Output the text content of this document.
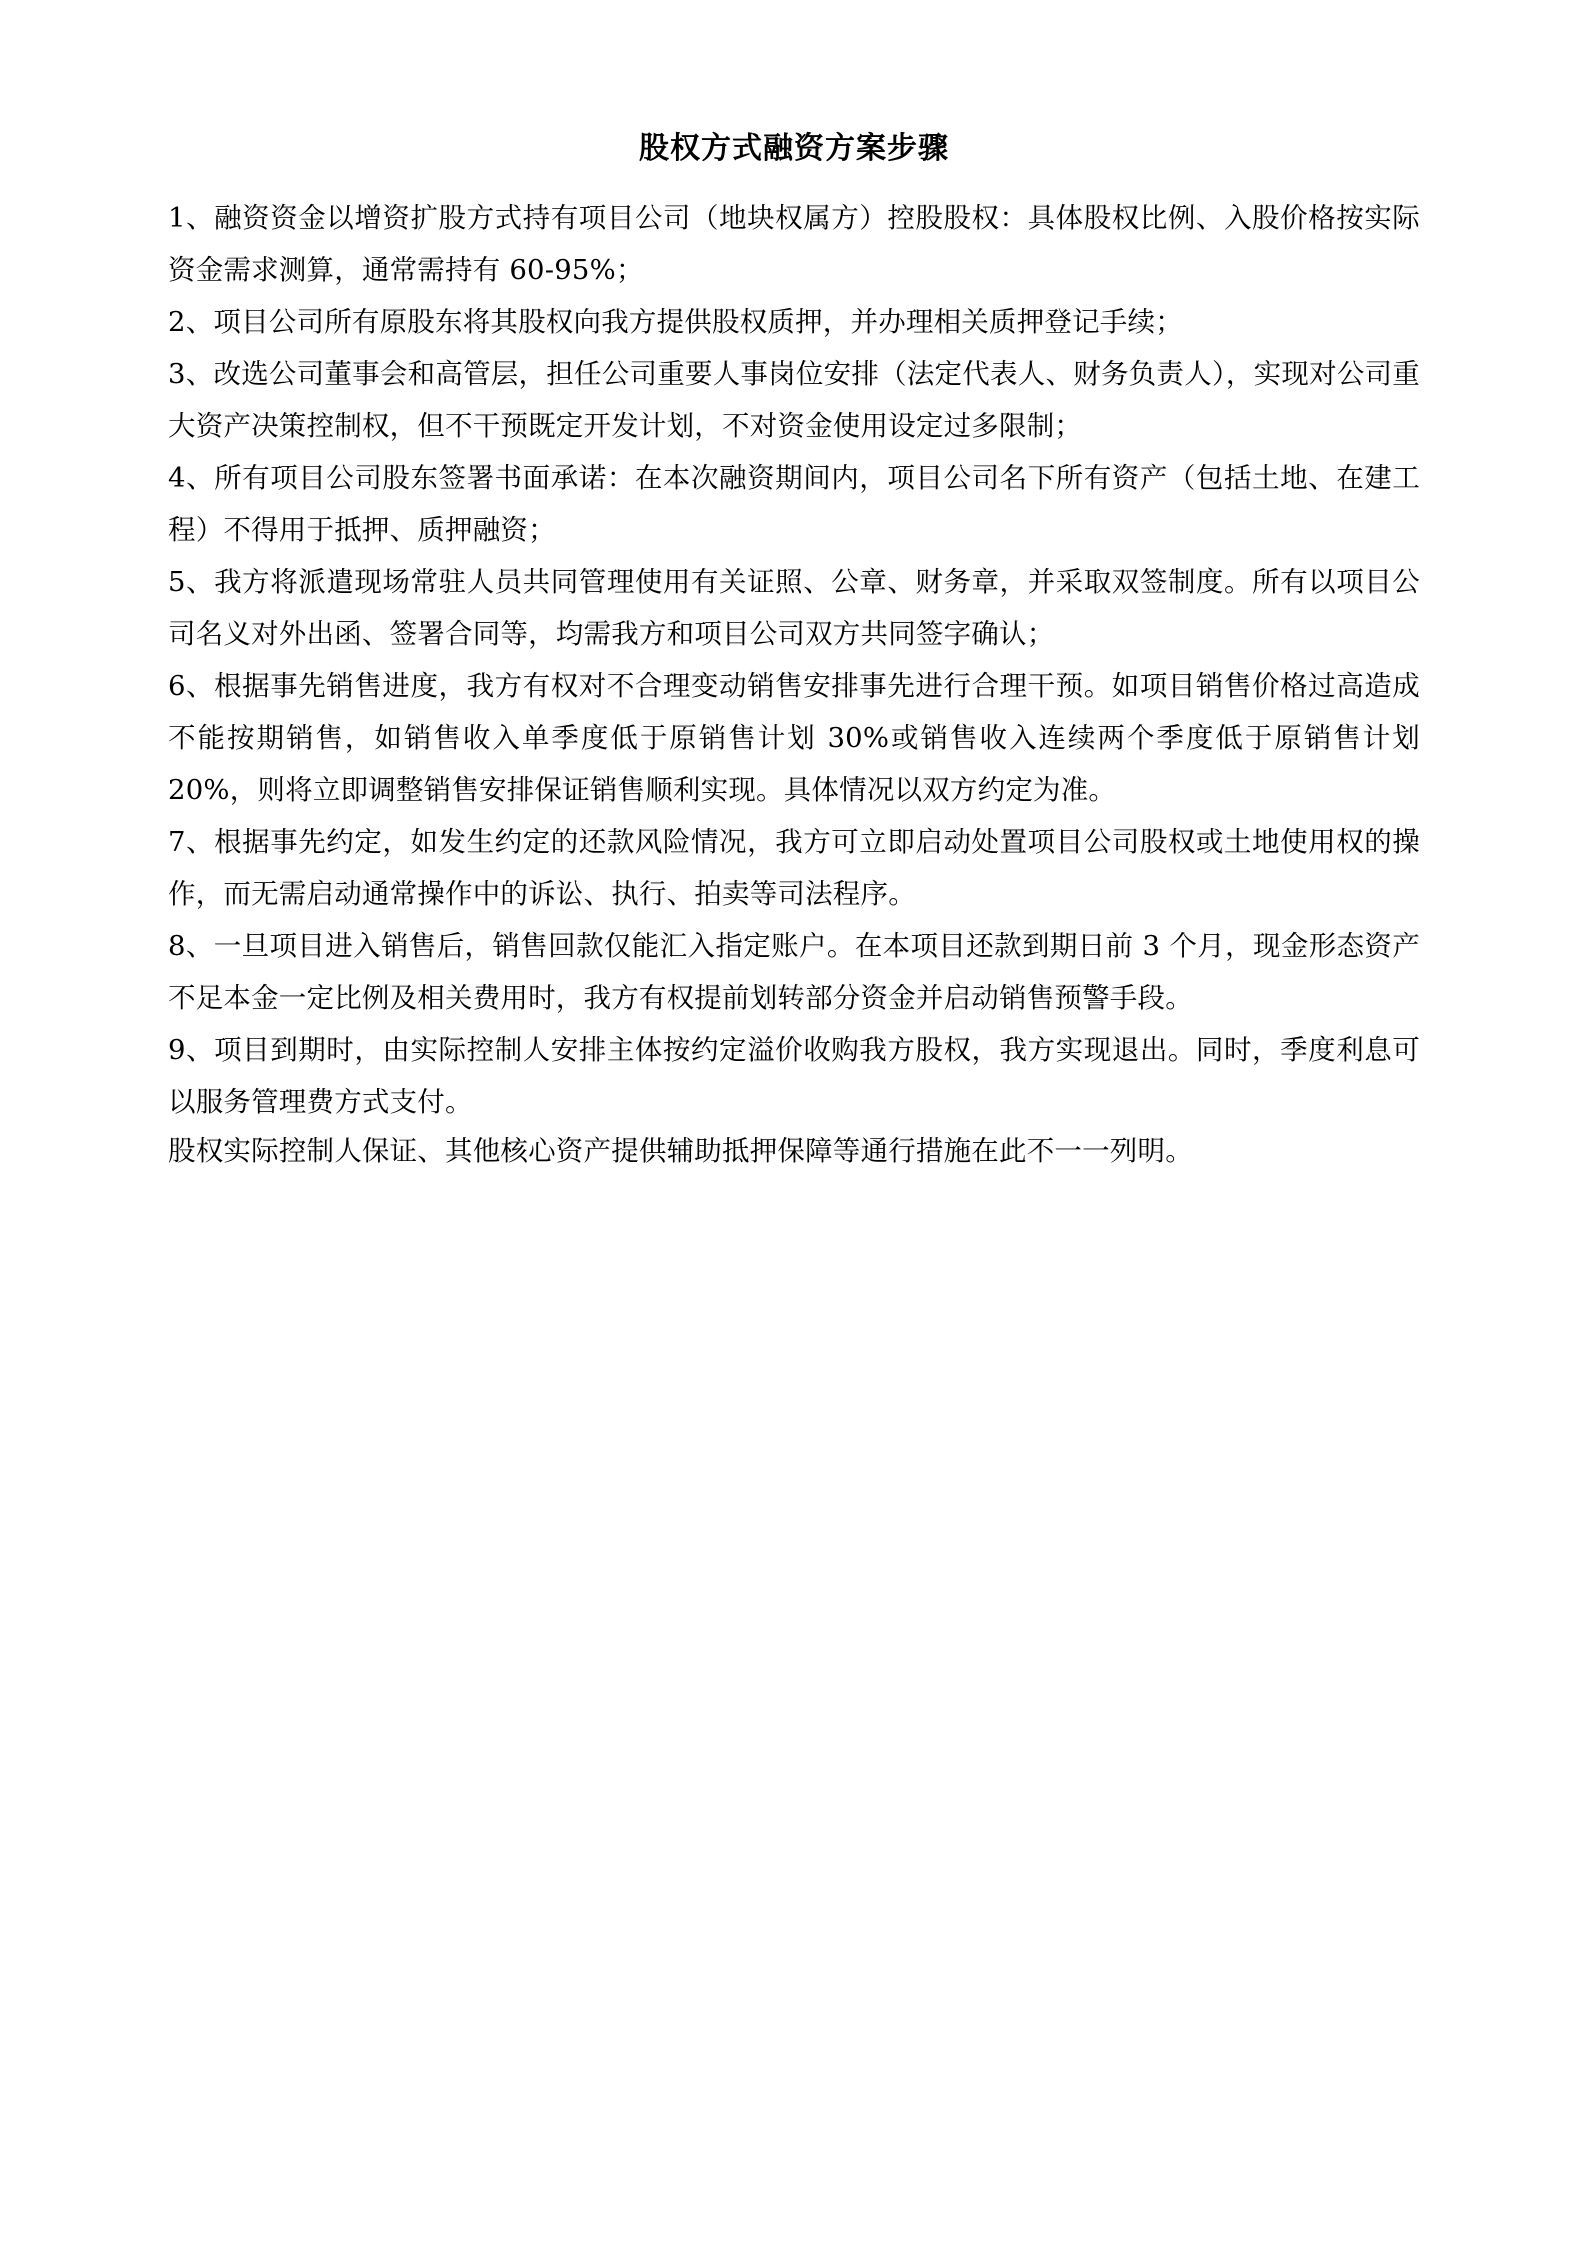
股权方式融资方案步骤

1、融资资金以增资扩股方式持有项目公司（地块权属方）控股股权：具体股权比例、入股价格按实际资金需求测算，通常需持有 60-95%；

2、项目公司所有原股东将其股权向我方提供股权质押，并办理相关质押登记手续；

3、改选公司董事会和高管层，担任公司重要人事岗位安排（法定代表人、财务负责人），实现对公司重大资产决策控制权，但不干预既定开发计划，不对资金使用设定过多限制；

4、所有项目公司股东签署书面承诺：在本次融资期间内，项目公司名下所有资产（包括土地、在建工程）不得用于抵押、质押融资；

5、我方将派遣现场常驻人员共同管理使用有关证照、公章、财务章，并采取双签制度。所有以项目公司名义对外出函、签署合同等，均需我方和项目公司双方共同签字确认；

6、根据事先销售进度，我方有权对不合理变动销售安排事先进行合理干预。如项目销售价格过高造成不能按期销售，如销售收入单季度低于原销售计划 30%或销售收入连续两个季度低于原销售计划 20%，则将立即调整销售安排保证销售顺利实现。具体情况以双方约定为准。

7、根据事先约定，如发生约定的还款风险情况，我方可立即启动处置项目公司股权或土地使用权的操作，而无需启动通常操作中的诉讼、执行、拍卖等司法程序。

8、一旦项目进入销售后，销售回款仅能汇入指定账户。在本项目还款到期日前 3 个月，现金形态资产不足本金一定比例及相关费用时，我方有权提前划转部分资金并启动销售预警手段。

9、项目到期时，由实际控制人安排主体按约定溢价收购我方股权，我方实现退出。同时，季度利息可以服务管理费方式支付。

股权实际控制人保证、其他核心资产提供辅助抵押保障等通行措施在此不一一列明。
